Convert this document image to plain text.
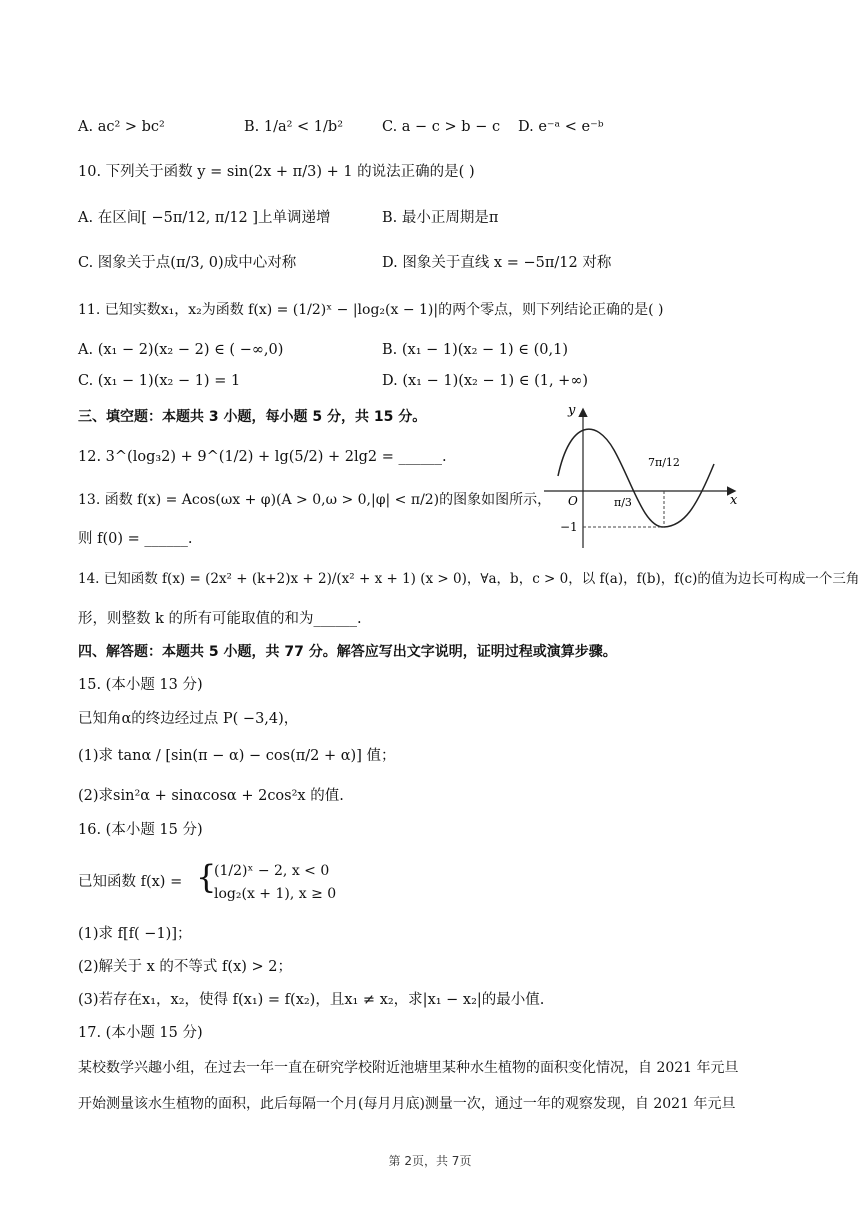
A. ac² > bc²	B. 1/a² < 1/b²	C. a − c > b − c D. e⁻ᵃ < e⁻ᵇ
10. 下列关于函数 y = sin(2x + π/3) + 1 的说法正确的是( )
A. 在区间[ −5π/12, π/12 ]上单调递增	B. 最小正周期是π
C. 图象关于点(π/3, 0)成中心对称	D. 图象关于直线 x = −5π/12 对称
11. 已知实数x₁，x₂为函数 f(x) = (1/2)ˣ − |log₂(x − 1)|的两个零点，则下列结论正确的是( )
A. (x₁ − 2)(x₂ − 2) ∈ ( −∞,0)	B. (x₁ − 1)(x₂ − 1) ∈ (0,1)
C. (x₁ − 1)(x₂ − 1) = 1	D. (x₁ − 1)(x₂ − 1) ∈ (1, +∞)
三、填空题：本题共 3 小题，每小题 5 分，共 15 分。
12. 3^(log₃2) + 9^(1/2) + lg(5/2) + 2lg2 = ______.
13. 函数 f(x) = Acos(ωx + φ)(A > 0,ω > 0,|φ| < π/2)的图象如图所示，
则 f(0) = ______.
y
x
O	π/3
7π/12
−1
14. 已知函数 f(x) = (2x² + (k+2)x + 2)/(x² + x + 1) (x > 0)，∀a，b，c > 0，以 f(a)，f(b)，f(c)的值为边长可构成一个三角
形，则整数 k 的所有可能取值的和为______.
四、解答题：本题共 5 小题，共 77 分。解答应写出文字说明，证明过程或演算步骤。
15. (本小题 13 分)
已知角α的终边经过点 P( −3,4)，
(1)求 tanα / [sin(π − α) − cos(π/2 + α)] 值；
(2)求sin²α + sinαcosα + 2cos²x 的值.
16. (本小题 15 分)
已知函数 f(x) = {
(1/2)ˣ − 2, x < 0
log₂(x + 1), x ≥ 0
(1)求 f[f( −1)]；
(2)解关于 x 的不等式 f(x) > 2；
(3)若存在x₁，x₂，使得 f(x₁) = f(x₂)，且x₁ ≠ x₂，求|x₁ − x₂|的最小值.
17. (本小题 15 分)
某校数学兴趣小组，在过去一年一直在研究学校附近池塘里某种水生植物的面积变化情况，自 2021 年元旦
开始测量该水生植物的面积，此后每隔一个月(每月月底)测量一次，通过一年的观察发现，自 2021 年元旦
第 2页，共 7页
